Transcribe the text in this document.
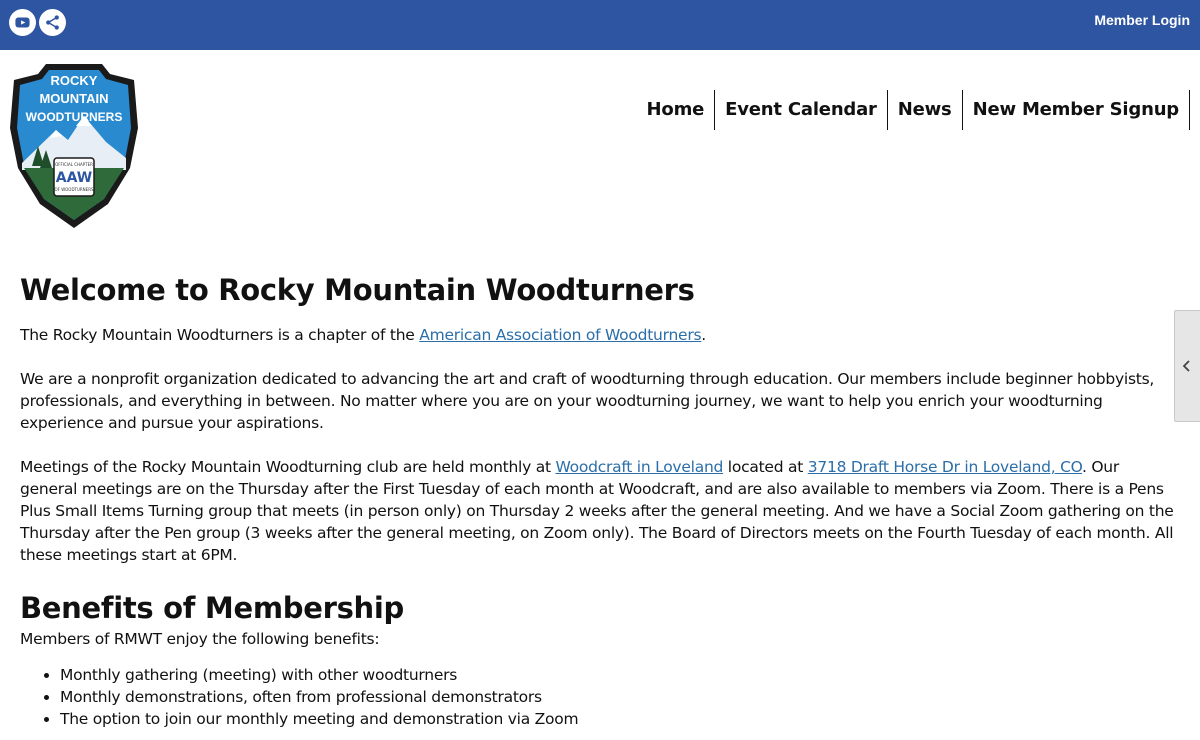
Member Login
OFFICIAL CHAPTER
AAW
OF WOODTURNERS
ROCKY
MOUNTAIN
WOODTURNERS	Home	Event Calendar	News	New Member Signup
Welcome to Rocky Mountain Woodturners

The Rocky Mountain Woodturners is a chapter of the American Association of Woodturners.

We are a nonprofit organization dedicated to advancing the art and craft of woodturning through education. Our members include beginner hobbyists, professionals, and everything in between. No matter where you are on your woodturning journey, we want to help you enrich your woodturning experience and pursue your aspirations.

Meetings of the Rocky Mountain Woodturning club are held monthly at Woodcraft in Loveland located at 3718 Draft Horse Dr in Loveland, CO. Our general meetings are on the Thursday after the First Tuesday of each month at Woodcraft, and are also available to members via Zoom. There is a Pens Plus Small Items Turning group that meets (in person only) on Thursday 2 weeks after the general meeting. And we have a Social Zoom gathering on the Thursday after the Pen group (3 weeks after the general meeting, on Zoom only). The Board of Directors meets on the Fourth Tuesday of each month. All these meetings start at 6PM.

Benefits of Membership

Members of RMWT enjoy the following benefits:

• Monthly gathering (meeting) with other woodturners
• Monthly demonstrations, often from professional demonstrators
• The option to join our monthly meeting and demonstration via Zoom
